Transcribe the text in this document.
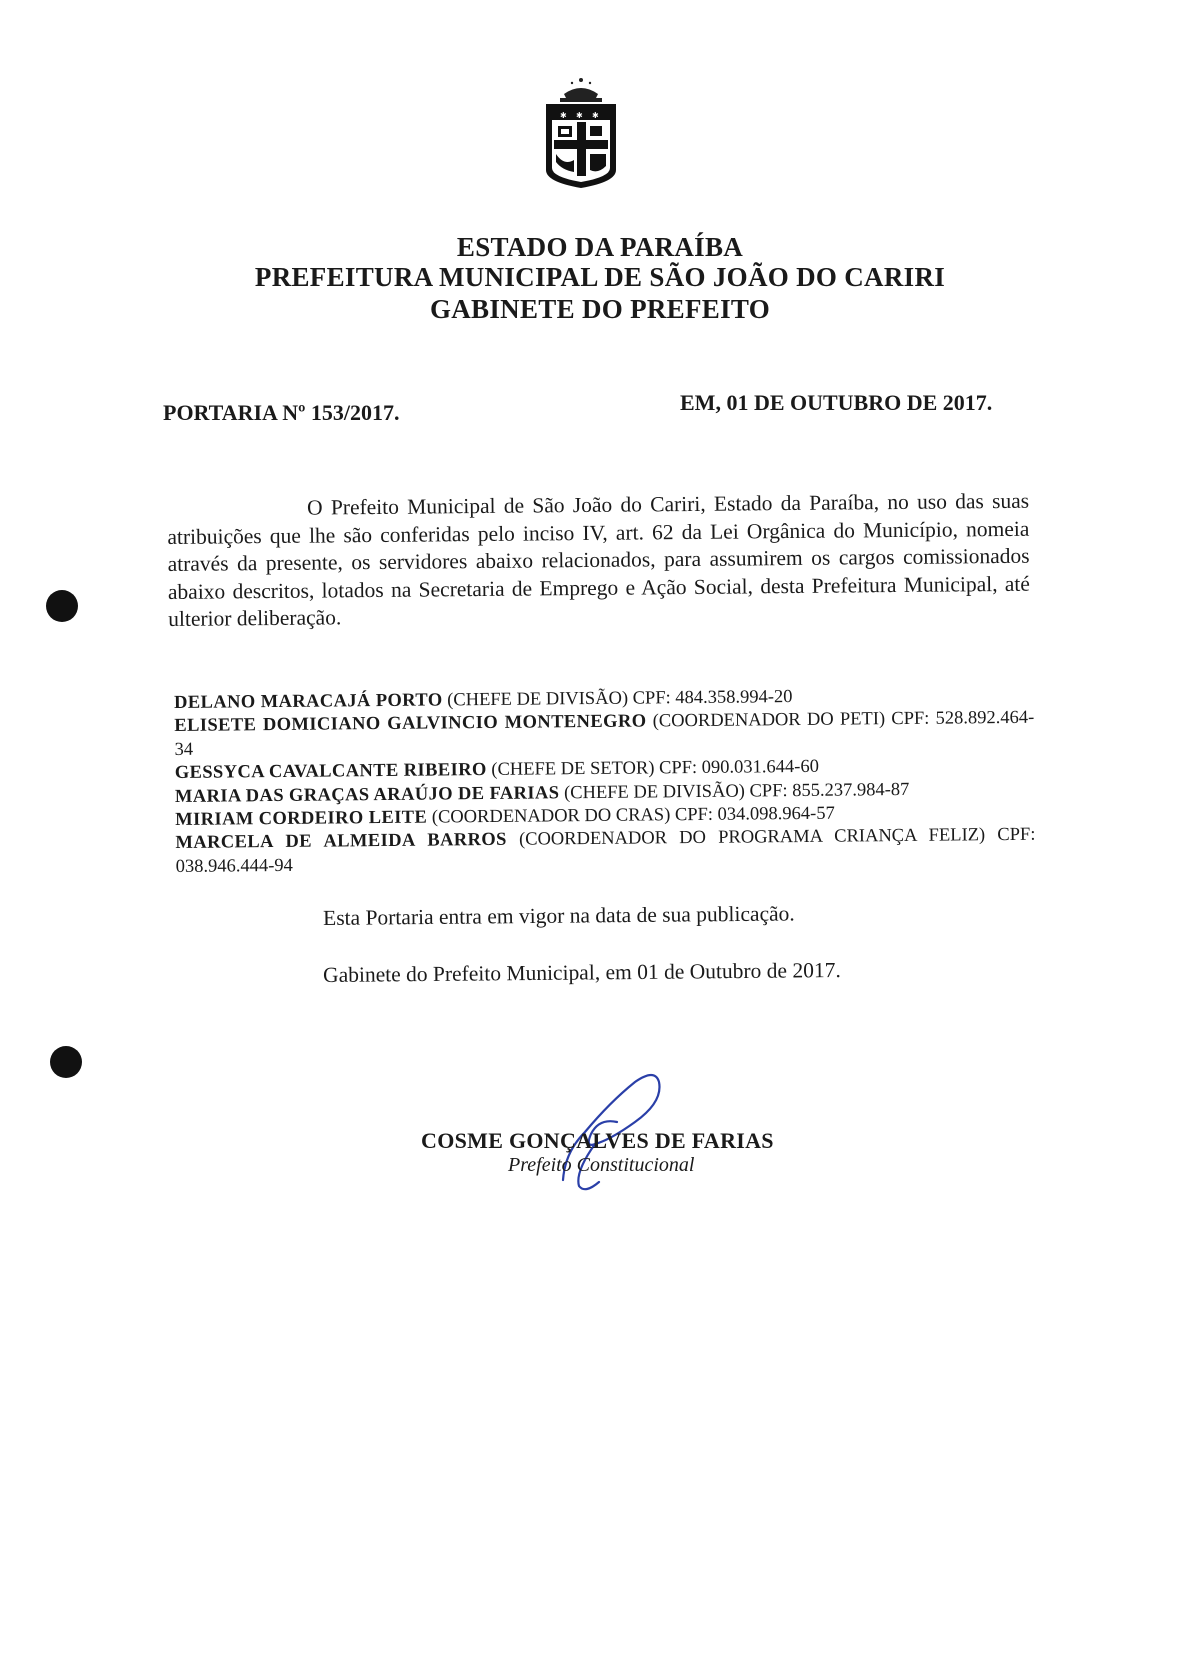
✱ ✱ ✱
ESTADO DA PARAÍBA
PREFEITURA MUNICIPAL DE SÃO JOÃO DO CARIRI
GABINETE DO PREFEITO
PORTARIA Nº 153/2017.	EM, 01 DE OUTUBRO DE 2017.
O Prefeito Municipal de São João do Cariri, Estado da Paraíba, no uso das suas atribuições que lhe são conferidas pelo inciso IV, art. 62 da Lei Orgânica do Município, nomeia através da presente, os servidores abaixo relacionados, para assumirem os cargos comissionados abaixo descritos, lotados na Secretaria de Emprego e Ação Social, desta Prefeitura Municipal, até ulterior deliberação.
DELANO MARACAJÁ PORTO (CHEFE DE DIVISÃO) CPF: 484.358.994-20
ELISETE DOMICIANO GALVINCIO MONTENEGRO (COORDENADOR DO PETI) CPF: 528.892.464-34
GESSYCA CAVALCANTE RIBEIRO (CHEFE DE SETOR) CPF: 090.031.644-60
MARIA DAS GRAÇAS ARAÚJO DE FARIAS (CHEFE DE DIVISÃO) CPF: 855.237.984-87
MIRIAM CORDEIRO LEITE (COORDENADOR DO CRAS) CPF: 034.098.964-57
MARCELA DE ALMEIDA BARROS (COORDENADOR DO PROGRAMA CRIANÇA FELIZ) CPF: 038.946.444-94
Esta Portaria entra em vigor na data de sua publicação.
Gabinete do Prefeito Municipal, em 01 de Outubro de 2017.
COSME GONÇALVES DE FARIAS
Prefeito Constitucional
